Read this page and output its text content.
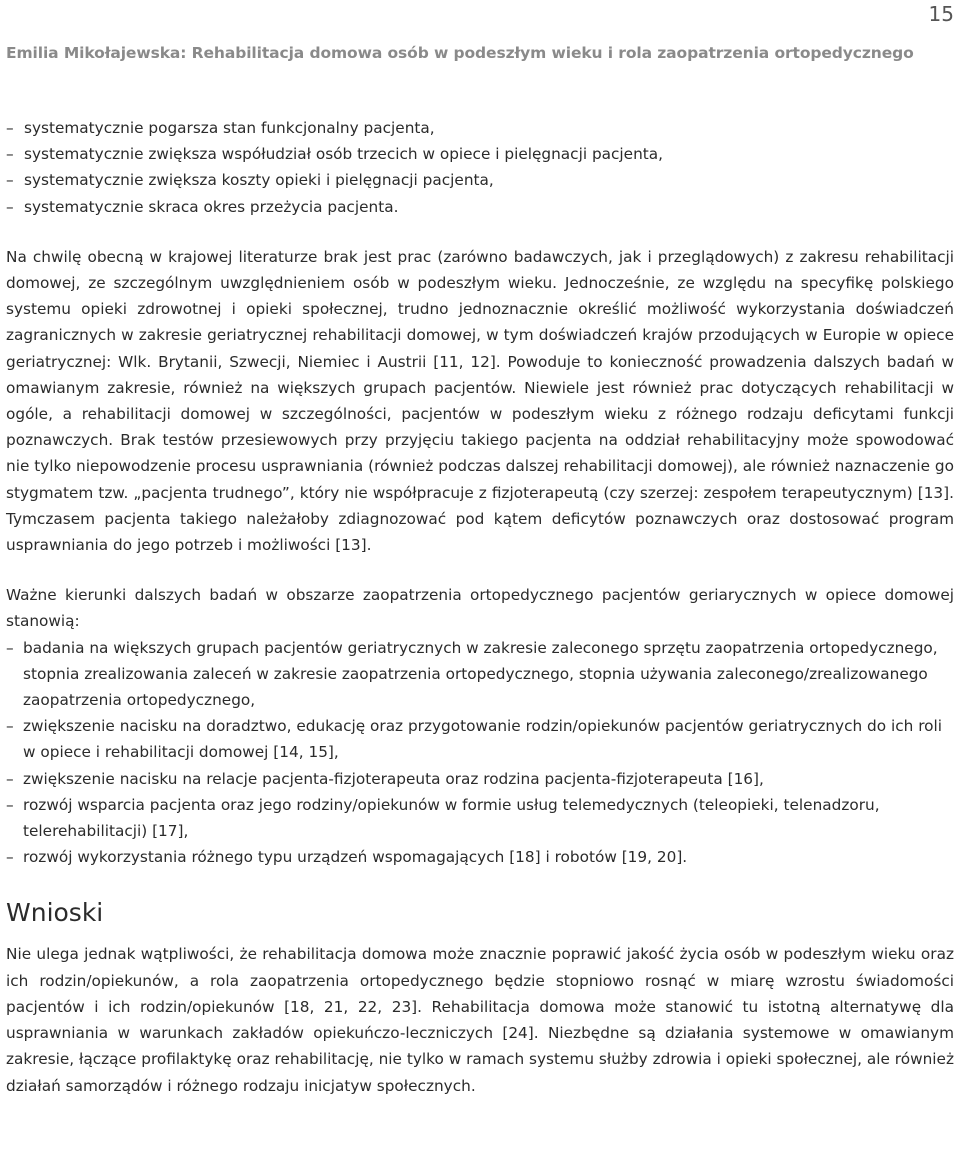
15
Emilia Mikołajewska: Rehabilitacja domowa osób w podeszłym wieku i rola zaopatrzenia ortopedycznego
– systematycznie pogarsza stan funkcjonalny pacjenta,
– systematycznie zwiększa współudział osób trzecich w opiece i pielęgnacji pacjenta,
– systematycznie zwiększa koszty opieki i pielęgnacji pacjenta,
– systematycznie skraca okres przeżycia pacjenta.

Na chwilę obecną w krajowej literaturze brak jest prac (zarówno badawczych, jak i przeglądowych) z zakresu rehabilitacji domowej, ze szczególnym uwzględnieniem osób w podeszłym wieku. Jednocześnie, ze względu na specyfikę polskiego systemu opieki zdrowotnej i opieki społecznej, trudno jednoznacznie określić możliwość wykorzystania doświadczeń zagranicznych w zakresie geriatrycznej rehabilitacji domowej, w tym doświadczeń krajów przodujących w Europie w opiece geriatrycznej: Wlk. Brytanii, Szwecji, Niemiec i Austrii [11, 12]. Powoduje to konieczność prowadzenia dalszych badań w omawianym zakresie, również na większych grupach pacjentów. Niewiele jest również prac dotyczących rehabilitacji w ogóle, a rehabilitacji domowej w szczególności, pacjentów w podeszłym wieku z różnego rodzaju deficytami funkcji poznawczych. Brak testów przesiewowych przy przyjęciu takiego pacjenta na oddział rehabilitacyjny może spowodować nie tylko niepowodzenie procesu usprawniania (również podczas dalszej rehabilitacji domowej), ale również naznaczenie go stygmatem tzw. „pacjenta trudnego”, który nie współpracuje z fizjoterapeutą (czy szerzej: zespołem terapeutycznym) [13]. Tymczasem pacjenta takiego należałoby zdiagnozować pod kątem deficytów poznawczych oraz dostosować program usprawniania do jego potrzeb i możliwości [13].

Ważne kierunki dalszych badań w obszarze zaopatrzenia ortopedycznego pacjentów geriarycznych w opiece domowej stanowią:

– badania na większych grupach pacjentów geriatrycznych w zakresie zaleconego sprzętu zaopatrzenia ortopedycznego, stopnia zrealizowania zaleceń w zakresie zaopatrzenia ortopedycznego, stopnia używania zaleconego/zrealizowanego zaopatrzenia ortopedycznego,
– zwiększenie nacisku na doradztwo, edukację oraz przygotowanie rodzin/opiekunów pacjentów geriatrycznych do ich roli w opiece i rehabilitacji domowej [14, 15],
– zwiększenie nacisku na relacje pacjenta-fizjoterapeuta oraz rodzina pacjenta-fizjoterapeuta [16],
– rozwój wsparcia pacjenta oraz jego rodziny/opiekunów w formie usług telemedycznych (teleopieki, telenadzoru, telerehabilitacji) [17],
– rozwój wykorzystania różnego typu urządzeń wspomagających [18] i robotów [19, 20].
Wnioski

Nie ulega jednak wątpliwości, że rehabilitacja domowa może znacznie poprawić jakość życia osób w podeszłym wieku oraz ich rodzin/opiekunów, a rola zaopatrzenia ortopedycznego będzie stopniowo rosnąć w miarę wzrostu świadomości pacjentów i ich rodzin/opiekunów [18, 21, 22, 23]. Rehabilitacja domowa może stanowić tu istotną alternatywę dla usprawniania w warunkach zakładów opiekuńczo-leczniczych [24]. Niezbędne są działania systemowe w omawianym zakresie, łączące profilaktykę oraz rehabilitację, nie tylko w ramach systemu służby zdrowia i opieki społecznej, ale również działań samorządów i różnego rodzaju inicjatyw społecznych.
